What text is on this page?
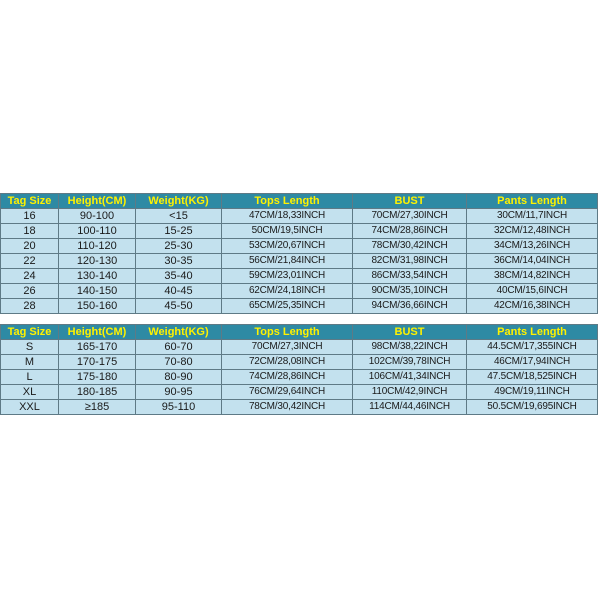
Tag Size	Height(CM)	Weight(KG)	Tops Length	BUST	Pants Length
16	90-100	<15	47CM/18,33INCH	70CM/27,30INCH	30CM/11,7INCH
18	100-110	15-25	50CM/19,5INCH	74CM/28,86INCH	32CM/12,48INCH
20	110-120	25-30	53CM/20,67INCH	78CM/30,42INCH	34CM/13,26INCH
22	120-130	30-35	56CM/21,84INCH	82CM/31,98INCH	36CM/14,04INCH
24	130-140	35-40	59CM/23,01INCH	86CM/33,54INCH	38CM/14,82INCH
26	140-150	40-45	62CM/24,18INCH	90CM/35,10INCH	40CM/15,6INCH
28	150-160	45-50	65CM/25,35INCH	94CM/36,66INCH	42CM/16,38INCH

Tag Size	Height(CM)	Weight(KG)	Tops Length	BUST	Pants Length
S	165-170	60-70	70CM/27,3INCH	98CM/38,22INCH	44.5CM/17,355INCH
M	170-175	70-80	72CM/28,08INCH	102CM/39,78INCH	46CM/17,94INCH
L	175-180	80-90	74CM/28,86INCH	106CM/41,34INCH	47.5CM/18,525INCH
XL	180-185	90-95	76CM/29,64INCH	110CM/42,9INCH	49CM/19,11INCH
XXL	≥185	95-110	78CM/30,42INCH	114CM/44,46INCH	50.5CM/19,695INCH
